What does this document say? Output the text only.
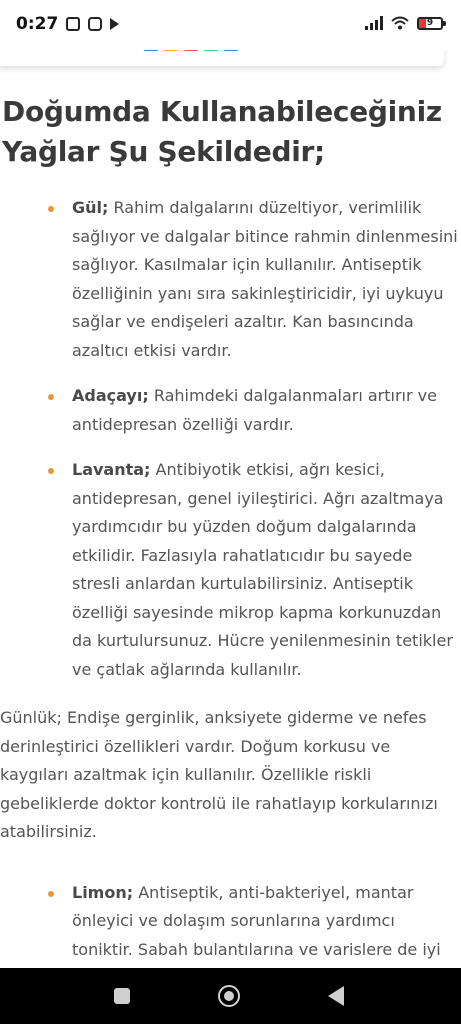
0:27	9
Doğumda Kullanabileceğiniz Yağlar Şu Şekildedir;
Gül; Rahim dalgalarını düzeltiyor, verimlilik sağlıyor ve dalgalar bitince rahmin dinlenmesini sağlıyor. Kasılmalar için kullanılır. Antiseptik özelliğinin yanı sıra sakinleştiricidir, iyi uykuyu sağlar ve endişeleri azaltır. Kan basıncında azaltıcı etkisi vardır.
Adaçayı; Rahimdeki dalgalanmaları artırır ve antidepresan özelliği vardır.
Lavanta; Antibiyotik etkisi, ağrı kesici, antidepresan, genel iyileştirici. Ağrı azaltmaya yardımcıdır bu yüzden doğum dalgalarında etkilidir. Fazlasıyla rahatlatıcıdır bu sayede stresli anlardan kurtulabilirsiniz. Antiseptik özelliği sayesinde mikrop kapma korkunuzdan da kurtulursunuz. Hücre yenilenmesinin tetikler ve çatlak ağlarında kullanılır.

Günlük; Endişe gerginlik, anksiyete giderme ve nefes derinleştirici özellikleri vardır. Doğum korkusu ve kaygıları azaltmak için kullanılır. Özellikle riskli gebeliklerde doktor kontrolü ile rahatlayıp korkularınızı atabilirsiniz.

Limon; Antiseptik, anti-bakteriyel, mantar önleyici ve dolaşım sorunlarına yardımcı toniktir. Sabah bulantılarına ve varislere de iyi
